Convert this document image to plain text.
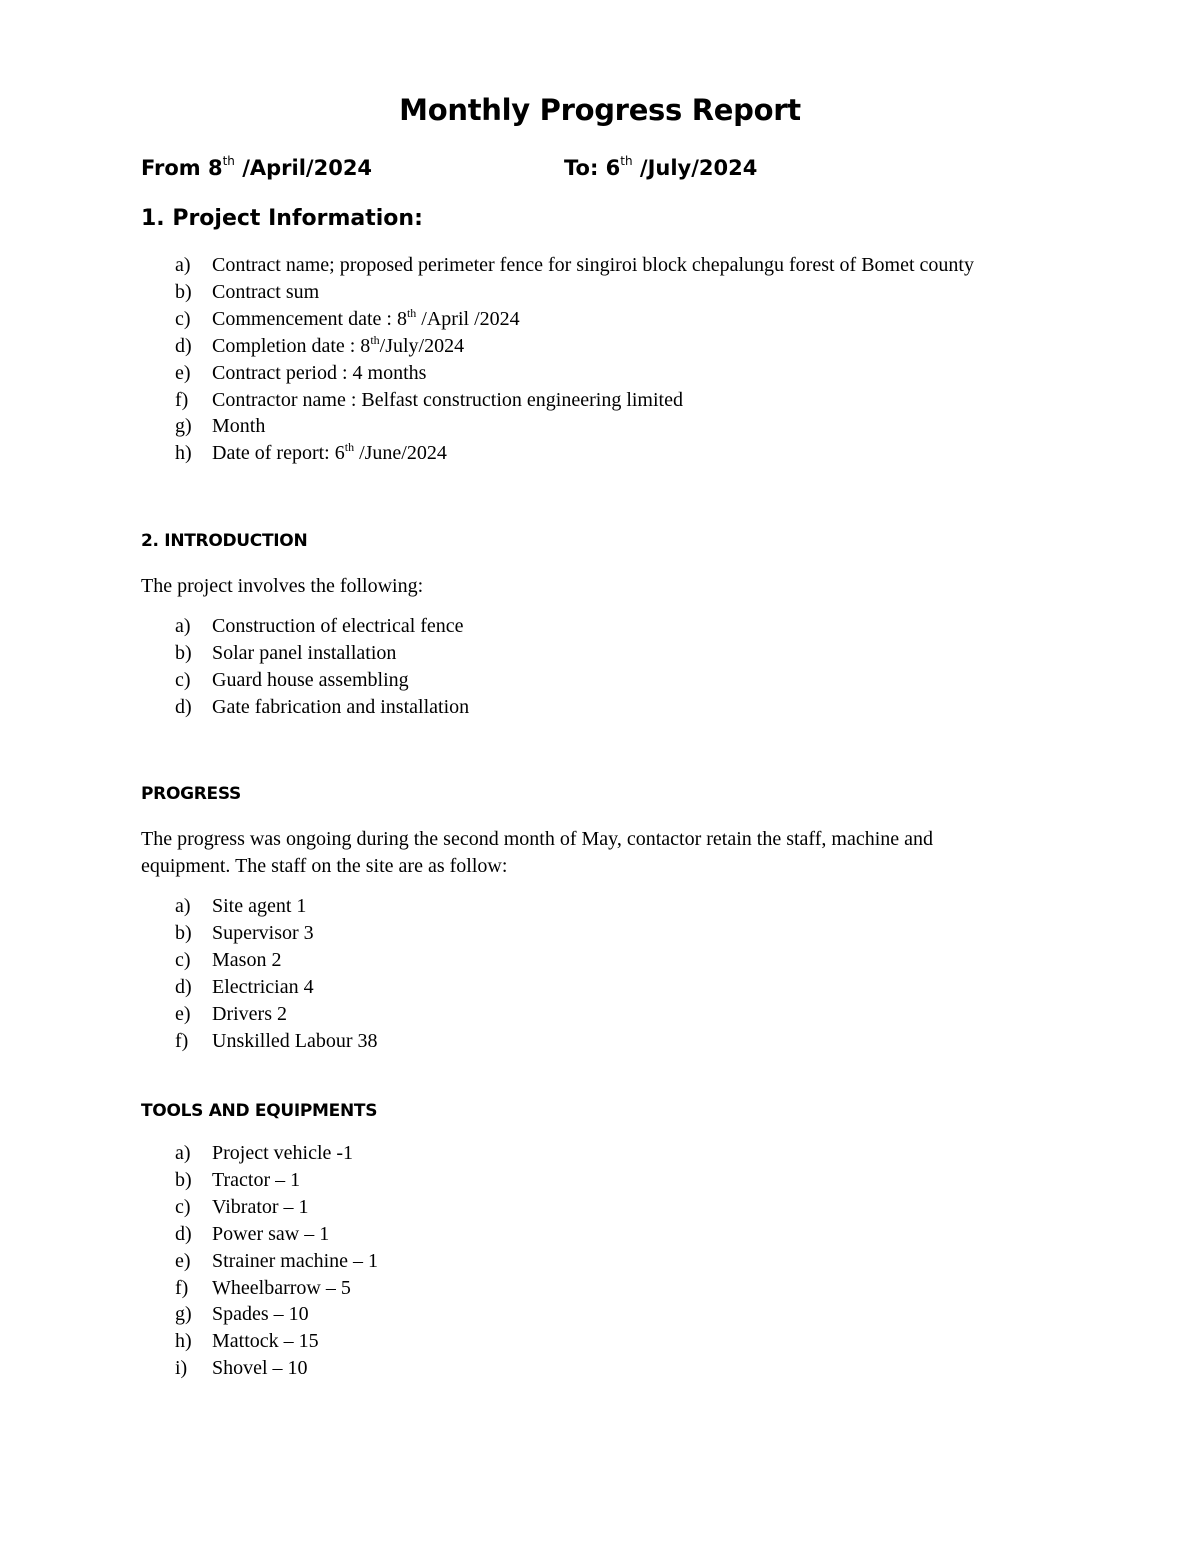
Monthly Progress Report
From 8th /April/2024	To: 6th /July/2024
1. Project Information:
a) Contract name; proposed perimeter fence for singiroi block chepalungu forest of Bomet county
b) Contract sum
c) Commencement date : 8th /April /2024
d) Completion date : 8th/July/2024
e) Contract period : 4 months
f) Contractor name : Belfast construction engineering limited
g) Month
h) Date of report: 6th /June/2024
2. INTRODUCTION
The project involves the following:
a) Construction of electrical fence
b) Solar panel installation
c) Guard house assembling
d) Gate fabrication and installation
PROGRESS
The progress was ongoing during the second month of May, contactor retain the staff, machine and
equipment. The staff on the site are as follow:
a) Site agent 1
b) Supervisor 3
c) Mason 2
d) Electrician 4
e) Drivers 2
f) Unskilled Labour 38
TOOLS AND EQUIPMENTS
a) Project vehicle -1
b) Tractor – 1
c) Vibrator – 1
d) Power saw – 1
e) Strainer machine – 1
f) Wheelbarrow – 5
g) Spades – 10
h) Mattock – 15
i) Shovel – 10
